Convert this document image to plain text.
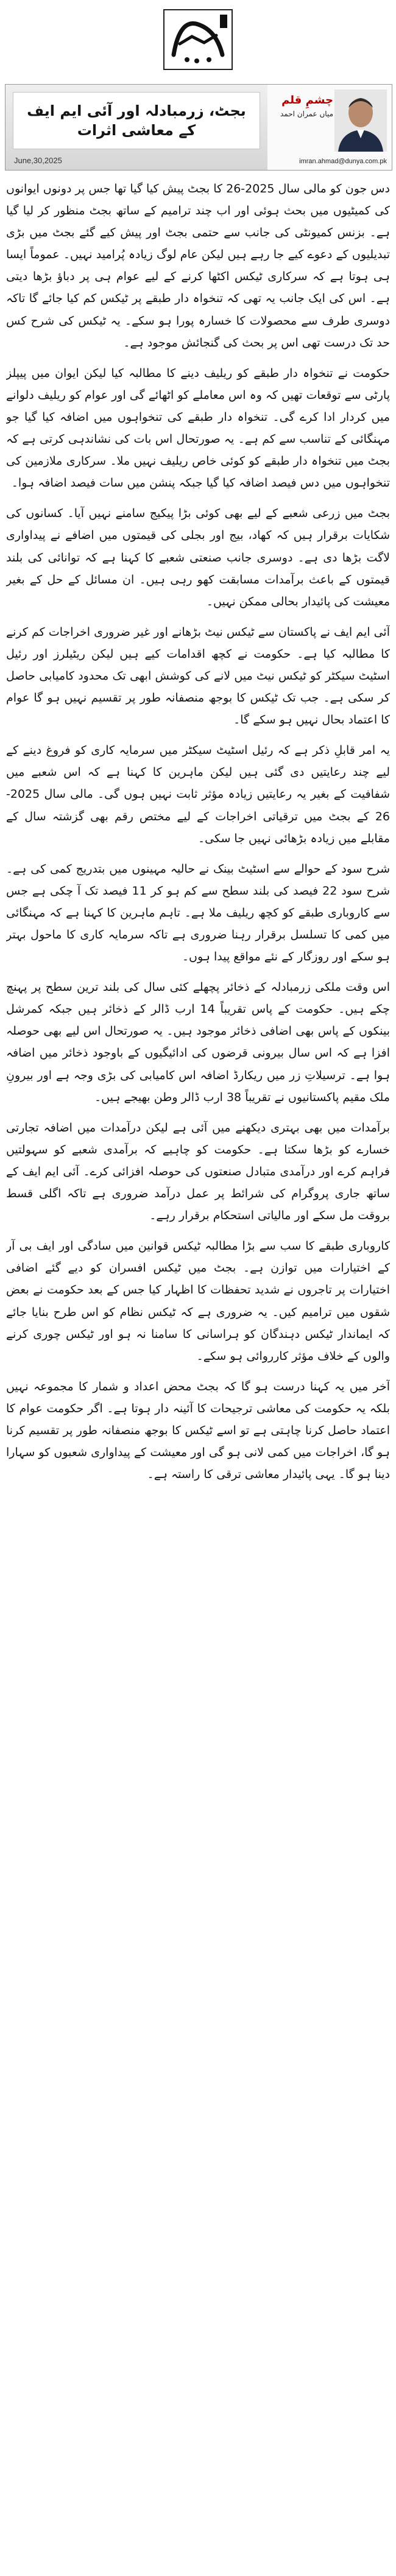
بجٹ، زرمبادلہ اور آئی ایم ایف کے معاشی اثرات
June,30,2025
چشمِ قلم
میاں عمران احمد
imran.ahmad@dunya.com.pk

دس جون کو مالی سال 2025-26 کا بجٹ پیش کیا گیا تھا جس پر دونوں ایوانوں کی کمیٹیوں میں بحث ہوئی اور اب چند ترامیم کے ساتھ بجٹ منظور کر لیا گیا ہے۔ بزنس کمیونٹی کی جانب سے حتمی بجٹ اور پیش کیے گئے بجٹ میں بڑی تبدیلیوں کے دعوے کیے جا رہے ہیں لیکن عام لوگ زیادہ پُرامید نہیں۔ عموماً ایسا ہی ہوتا ہے کہ سرکاری ٹیکس اکٹھا کرنے کے لیے عوام ہی پر دباؤ بڑھا دیتی ہے۔ اس کی ایک جانب یہ تھی کہ تنخواہ دار طبقے پر ٹیکس کم کیا جائے گا تاکہ دوسری طرف سے محصولات کا خسارہ پورا ہو سکے۔ یہ ٹیکس کی شرح کس حد تک درست تھی اس پر بحث کی گنجائش موجود ہے۔

حکومت نے تنخواہ دار طبقے کو ریلیف دینے کا مطالبہ کیا لیکن ایوان میں پیپلز پارٹی سے توقعات تھیں کہ وہ اس معاملے کو اٹھائے گی اور عوام کو ریلیف دلوانے میں کردار ادا کرے گی۔ تنخواہ دار طبقے کی تنخواہوں میں اضافہ کیا گیا جو مہنگائی کے تناسب سے کم ہے۔ یہ صورتحال اس بات کی نشاندہی کرتی ہے کہ بجٹ میں تنخواہ دار طبقے کو کوئی خاص ریلیف نہیں ملا۔ سرکاری ملازمین کی تنخواہوں میں دس فیصد اضافہ کیا گیا جبکہ پنشن میں سات فیصد اضافہ ہوا۔

بجٹ میں زرعی شعبے کے لیے بھی کوئی بڑا پیکیج سامنے نہیں آیا۔ کسانوں کی شکایات برقرار ہیں کہ کھاد، بیج اور بجلی کی قیمتوں میں اضافے نے پیداواری لاگت بڑھا دی ہے۔ دوسری جانب صنعتی شعبے کا کہنا ہے کہ توانائی کی بلند قیمتوں کے باعث برآمدات مسابقت کھو رہی ہیں۔ ان مسائل کے حل کے بغیر معیشت کی پائیدار بحالی ممکن نہیں۔

آئی ایم ایف نے پاکستان سے ٹیکس نیٹ بڑھانے اور غیر ضروری اخراجات کم کرنے کا مطالبہ کیا ہے۔ حکومت نے کچھ اقدامات کیے ہیں لیکن ریٹیلرز اور رئیل اسٹیٹ سیکٹر کو ٹیکس نیٹ میں لانے کی کوشش ابھی تک محدود کامیابی حاصل کر سکی ہے۔ جب تک ٹیکس کا بوجھ منصفانہ طور پر تقسیم نہیں ہو گا عوام کا اعتماد بحال نہیں ہو سکے گا۔

یہ امر قابلِ ذکر ہے کہ رئیل اسٹیٹ سیکٹر میں سرمایہ کاری کو فروغ دینے کے لیے چند رعایتیں دی گئی ہیں لیکن ماہرین کا کہنا ہے کہ اس شعبے میں شفافیت کے بغیر یہ رعایتیں زیادہ مؤثر ثابت نہیں ہوں گی۔ مالی سال 2025-26 کے بجٹ میں ترقیاتی اخراجات کے لیے مختص رقم بھی گزشتہ سال کے مقابلے میں زیادہ بڑھائی نہیں جا سکی۔

شرح سود کے حوالے سے اسٹیٹ بینک نے حالیہ مہینوں میں بتدریج کمی کی ہے۔ شرح سود 22 فیصد کی بلند سطح سے کم ہو کر 11 فیصد تک آ چکی ہے جس سے کاروباری طبقے کو کچھ ریلیف ملا ہے۔ تاہم ماہرین کا کہنا ہے کہ مہنگائی میں کمی کا تسلسل برقرار رہنا ضروری ہے تاکہ سرمایہ کاری کا ماحول بہتر ہو سکے اور روزگار کے نئے مواقع پیدا ہوں۔

اس وقت ملکی زرمبادلہ کے ذخائر پچھلے کئی سال کی بلند ترین سطح پر پہنچ چکے ہیں۔ حکومت کے پاس تقریباً 14 ارب ڈالر کے ذخائر ہیں جبکہ کمرشل بینکوں کے پاس بھی اضافی ذخائر موجود ہیں۔ یہ صورتحال اس لیے بھی حوصلہ افزا ہے کہ اس سال بیرونی قرضوں کی ادائیگیوں کے باوجود ذخائر میں اضافہ ہوا ہے۔ ترسیلاتِ زر میں ریکارڈ اضافہ اس کامیابی کی بڑی وجہ ہے اور بیرونِ ملک مقیم پاکستانیوں نے تقریباً 38 ارب ڈالر وطن بھیجے ہیں۔

برآمدات میں بھی بہتری دیکھنے میں آئی ہے لیکن درآمدات میں اضافہ تجارتی خسارے کو بڑھا سکتا ہے۔ حکومت کو چاہیے کہ برآمدی شعبے کو سہولتیں فراہم کرے اور درآمدی متبادل صنعتوں کی حوصلہ افزائی کرے۔ آئی ایم ایف کے ساتھ جاری پروگرام کی شرائط پر عمل درآمد ضروری ہے تاکہ اگلی قسط بروقت مل سکے اور مالیاتی استحکام برقرار رہے۔

کاروباری طبقے کا سب سے بڑا مطالبہ ٹیکس قوانین میں سادگی اور ایف بی آر کے اختیارات میں توازن ہے۔ بجٹ میں ٹیکس افسران کو دیے گئے اضافی اختیارات پر تاجروں نے شدید تحفظات کا اظہار کیا جس کے بعد حکومت نے بعض شقوں میں ترامیم کیں۔ یہ ضروری ہے کہ ٹیکس نظام کو اس طرح بنایا جائے کہ ایماندار ٹیکس دہندگان کو ہراسانی کا سامنا نہ ہو اور ٹیکس چوری کرنے والوں کے خلاف مؤثر کارروائی ہو سکے۔

آخر میں یہ کہنا درست ہو گا کہ بجٹ محض اعداد و شمار کا مجموعہ نہیں بلکہ یہ حکومت کی معاشی ترجیحات کا آئینہ دار ہوتا ہے۔ اگر حکومت عوام کا اعتماد حاصل کرنا چاہتی ہے تو اسے ٹیکس کا بوجھ منصفانہ طور پر تقسیم کرنا ہو گا، اخراجات میں کمی لانی ہو گی اور معیشت کے پیداواری شعبوں کو سہارا دینا ہو گا۔ یہی پائیدار معاشی ترقی کا راستہ ہے۔
